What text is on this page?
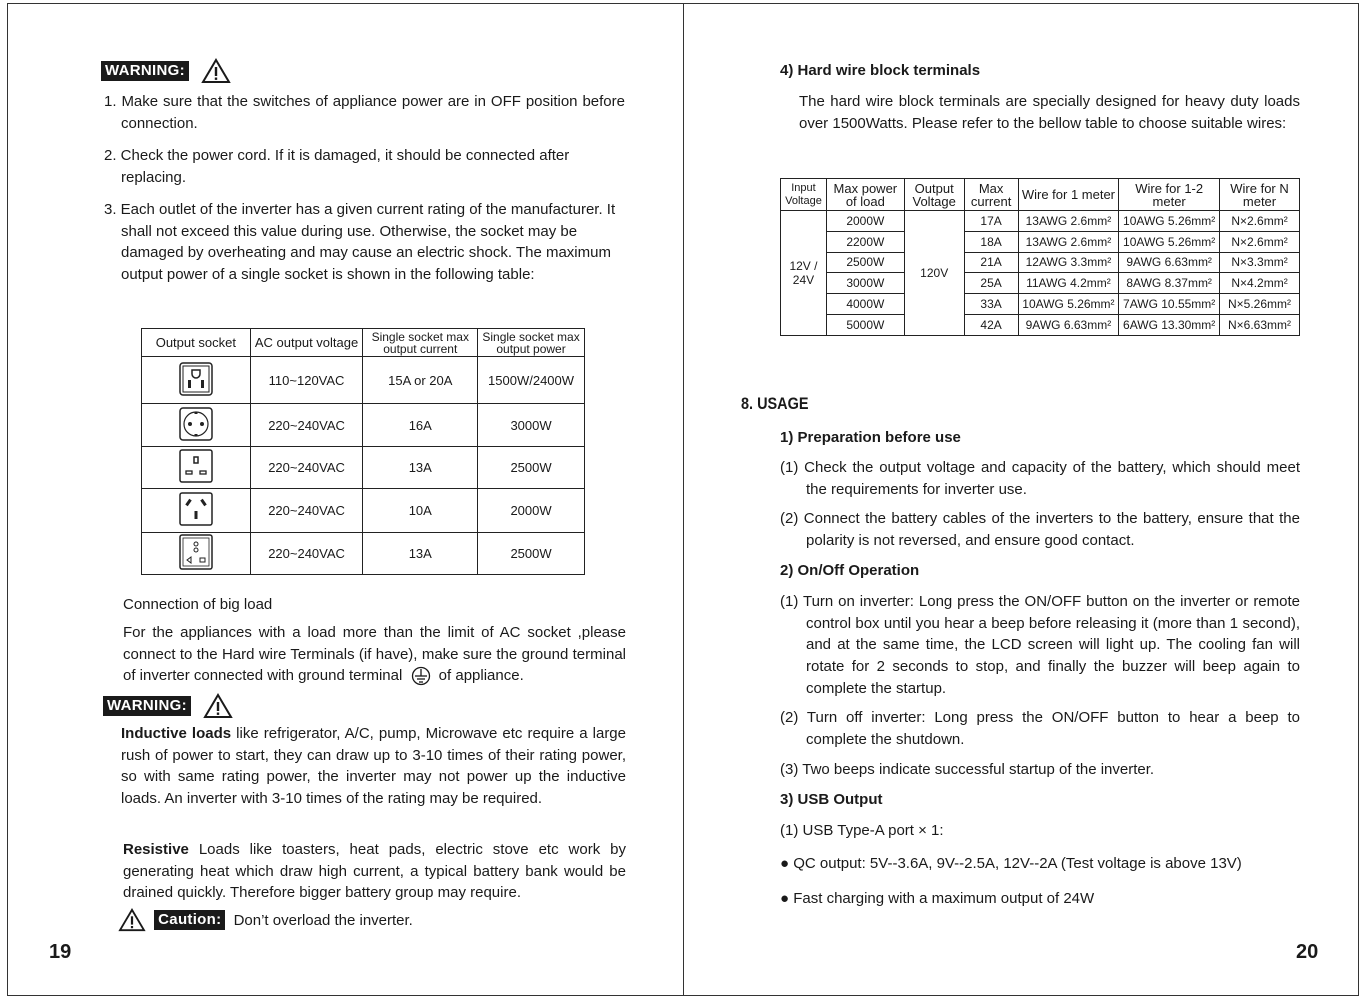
WARNING:
1. Make sure that the switches of appliance power are in OFF position before connection.
2. Check the power cord. If it is damaged, it should be connected after replacing.
3. Each outlet of the inverter has a given current rating of the manufacturer. It shall not exceed this value during use. Otherwise, the socket may be damaged by overheating and may cause an electric shock. The maximum output power of a single socket is shown in the following table:
Output socket	AC output voltage	Single socket max output current	Single socket max output power
	110~120VAC	15A or 20A	1500W/2400W
	220~240VAC	16A	3000W
	220~240VAC	13A	2500W
	220~240VAC	10A	2000W
	220~240VAC	13A	2500W
Connection of big load
For the appliances with a load more than the limit of AC socket ,please connect to the Hard wire Terminals (if have), make sure the ground terminal of inverter connected with ground terminal of appliance.
WARNING:
Inductive loads like refrigerator, A/C, pump, Microwave etc require a large rush of power to start, they can draw up to 3-10 times of their rating power, so with same rating power, the inverter may not power up the inductive loads. An inverter with 3-10 times of the rating may be required.
Resistive Loads like toasters, heat pads, electric stove etc work by generating heat which draw high current, a typical battery bank would be drained quickly. Therefore bigger battery group may require.
Caution: Don’t overload the inverter.
19
4) Hard wire block terminals
The hard wire block terminals are specially designed for heavy duty loads over 1500Watts. Please refer to the bellow table to choose suitable wires:
Input Voltage	Max power of load	Output Voltage	Max current	Wire for 1 meter	Wire for 1-2 meter	Wire for N meter
12V / 24V	2000W	120V	17A	13AWG 2.6mm²	10AWG 5.26mm²	N×2.6mm²
	2200W		18A	13AWG 2.6mm²	10AWG 5.26mm²	N×2.6mm²
	2500W		21A	12AWG 3.3mm²	9AWG 6.63mm²	N×3.3mm²
	3000W		25A	11AWG 4.2mm²	8AWG 8.37mm²	N×4.2mm²
	4000W		33A	10AWG 5.26mm²	7AWG 10.55mm²	N×5.26mm²
	5000W		42A	9AWG 6.63mm²	6AWG 13.30mm²	N×6.63mm²
8. USAGE
1) Preparation before use
(1) Check the output voltage and capacity of the battery, which should meet the requirements for inverter use.
(2) Connect the battery cables of the inverters to the battery, ensure that the polarity is not reversed, and ensure good contact.
2) On/Off Operation
(1) Turn on inverter: Long press the ON/OFF button on the inverter or remote control box until you hear a beep before releasing it (more than 1 second), and at the same time, the LCD screen will light up. The cooling fan will rotate for 2 seconds to stop, and finally the buzzer will beep again to complete the startup.
(2) Turn off inverter: Long press the ON/OFF button to hear a beep to complete the shutdown.
(3) Two beeps indicate successful startup of the inverter.
3) USB Output
(1) USB Type-A port × 1:
● QC output: 5V--3.6A, 9V--2.5A, 12V--2A (Test voltage is above 13V)
● Fast charging with a maximum output of 24W
20
